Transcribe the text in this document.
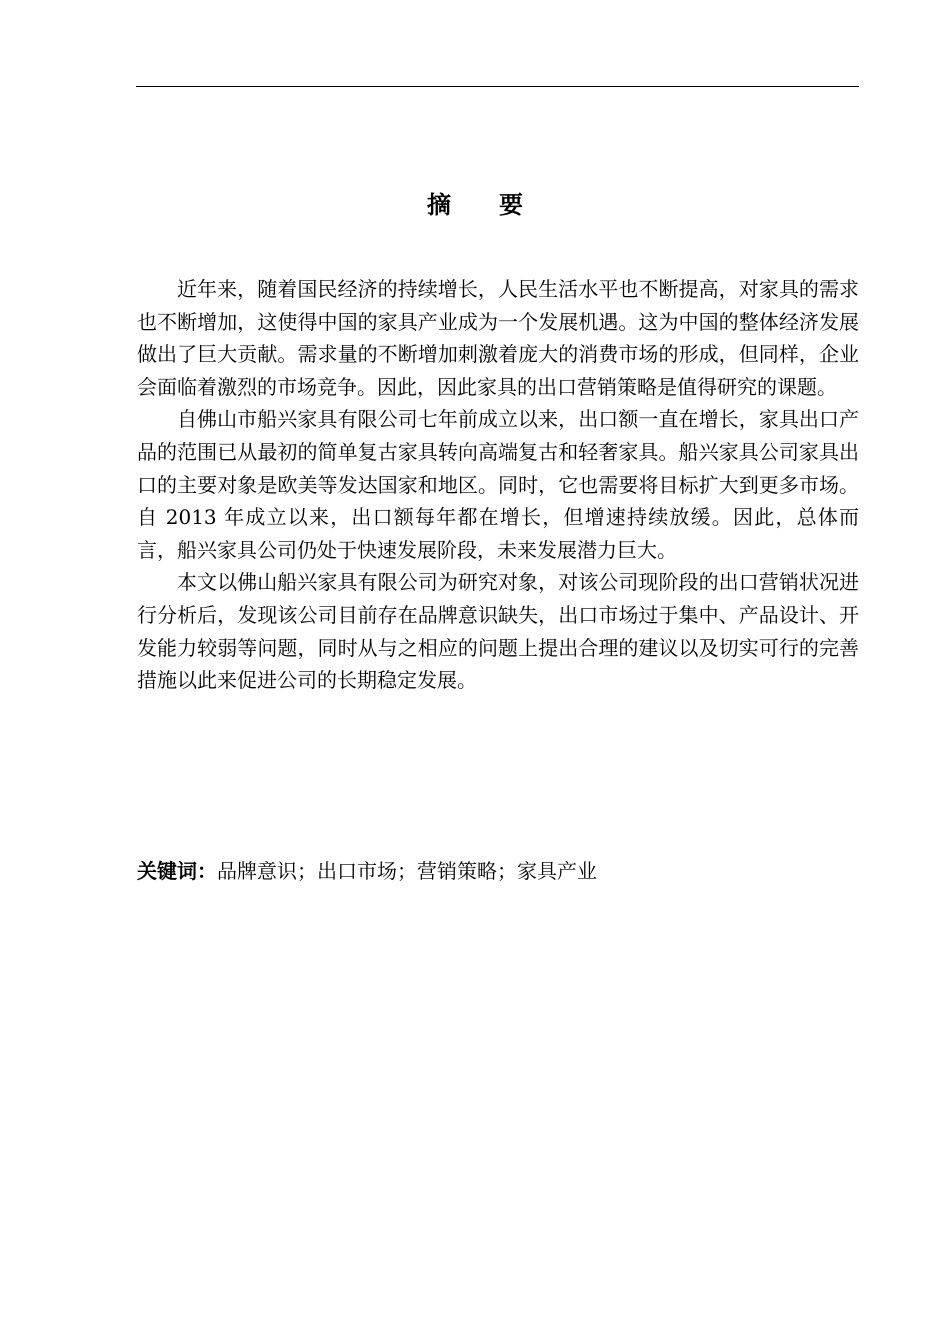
摘　　要

近年来，随着国民经济的持续增长，人民生活水平也不断提高，对家具的需求也不断增加，这使得中国的家具产业成为一个发展机遇。这为中国的整体经济发展做出了巨大贡献。需求量的不断增加刺激着庞大的消费市场的形成，但同样，企业会面临着激烈的市场竞争。因此，因此家具的出口营销策略是值得研究的课题。

自佛山市船兴家具有限公司七年前成立以来，出口额一直在增长，家具出口产品的范围已从最初的简单复古家具转向高端复古和轻奢家具。船兴家具公司家具出口的主要对象是欧美等发达国家和地区。同时，它也需要将目标扩大到更多市场。自 2013 年成立以来，出口额每年都在增长，但增速持续放缓。因此，总体而言，船兴家具公司仍处于快速发展阶段，未来发展潜力巨大。

本文以佛山船兴家具有限公司为研究对象，对该公司现阶段的出口营销状况进行分析后，发现该公司目前存在品牌意识缺失，出口市场过于集中、产品设计、开发能力较弱等问题，同时从与之相应的问题上提出合理的建议以及切实可行的完善措施以此来促进公司的长期稳定发展。

关键词：品牌意识；出口市场；营销策略；家具产业
